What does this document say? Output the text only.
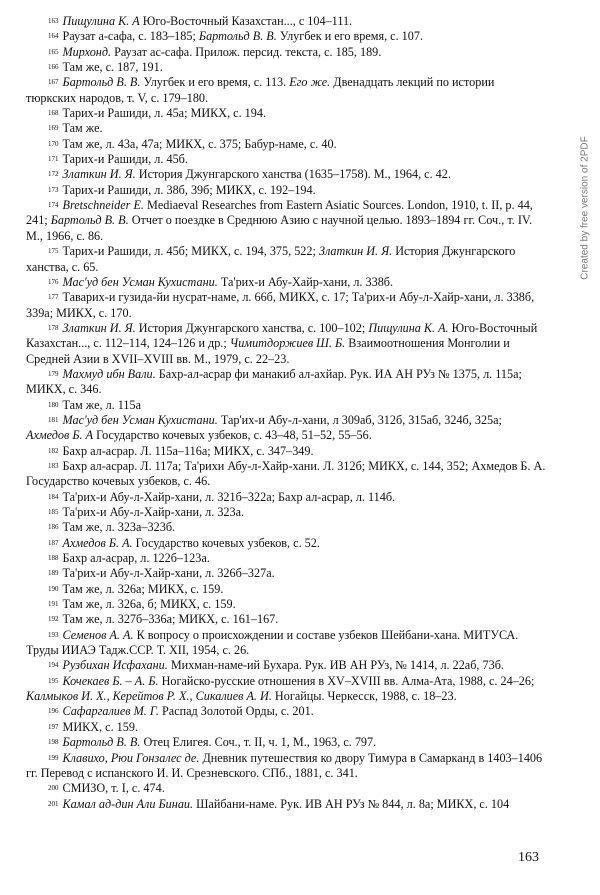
163 Пищулина К. А Юго-Восточный Казахстан..., с 104–111.

164 Раузат а-сафа, с. 183–185; Бартольд В. В. Улугбек и его время, с. 107.

165 Мирхонд. Раузат ас-сафа. Прилож. персид. текста, с. 185, 189.

166 Там же, с. 187, 191.

167 Бартольд В. В. Улугбек и его время, с. 113. Его же. Двенадцать лекций по истории тюркских народов, т. V, с. 179–180.

168 Тарих-и Рашиди, л. 45а; МИКХ, с. 194.

169 Там же.

170 Там же, л. 43а, 47а; МИКХ, с. 375; Бабур-наме, с. 40.

171 Тарих-и Рашиди, л. 45б.

172 Златкин И. Я. История Джунгарского ханства (1635–1758). М., 1964, с. 42.

173 Тарих-и Рашиди, л. 38б, 39б; МИКХ, с. 192–194.

174 Bretschneider E. Mediaeval Researches from Eastern Asiatic Sources. London, 1910, t. II, p. 44, 241; Бартольд В. В. Отчет о поездке в Среднюю Азию с научной целью. 1893–1894 гг. Соч., т. IV. М., 1966, с. 86.

175 Тарих-и Рашиди, л. 45б; МИКХ, с. 194, 375, 522; Златкин И. Я. История Джунгарского ханства, с. 65.

176 Мас'уд бен Усман Кухистани. Та'рих-и Абу-Хайр-хани, л. 338б.

177 Таварих-и гузида-йи нусрат-наме, л. 66б, МИКХ, с. 17; Та'рих-и Абу-л-Хайр-хани, л. 338б, 339а; МИКХ, с. 170.

178 Златкин И. Я. История Джунгарского ханства, с. 100–102; Пищулина К. А. Юго-Восточный Казахстан..., с. 112–114, 124–126 и др.; Чимитдоржиев Ш. Б. Взаимоотношения Монголии и Средней Азии в XVII–XVIII вв. М., 1979, с. 22–23.

179 Махмуд ибн Вали. Бахр-ал-асрар фи манакиб ал-ахйар. Рук. ИА АН РУз № 1375, л. 115а; МИКХ, с. 346.

180 Там же, л. 115а

181 Мас'уд бен Усман Кухистани. Тар'их-и Абу-л-хани, л 309аб, 312б, 315аб, 324б, 325а; Ахмедов Б. А Государство кочевых узбеков, с. 43–48, 51–52, 55–56.

182 Бахр ал-асрар. Л. 115а–116а; МИКХ, с. 347–349.

183 Бахр ал-асрар. Л. 117а; Та'рихи Абу-л-Хайр-хани. Л. 312б; МИКХ, с. 144, 352; Ахмедов Б. А. Государство кочевых узбеков, с. 46.

184 Та'рих-и Абу-л-Хайр-хани, л. 321б–322а; Бахр ал-асрар, л. 114б.

185 Та'рих-и Абу-л-Хайр-хани, л. 323а.

186 Там же, л. 323а–323б.

187 Ахмедов Б. А. Государство кочевых узбеков, с. 52.

188 Бахр ал-асрар, л. 122б–123а.

189 Та'рих-и Абу-л-Хайр-хани, л. 326б–327а.

190 Там же, л. 326а; МИКХ, с. 159.

191 Там же, л. 326а, б; МИКХ, с. 159.

192 Там же, л. 327б–336а; МИКХ, с. 161–167.

193 Семенов А. А. К вопросу о происхождении и составе узбеков Шейбани-хана. МИТУСА. Труды ИИАЭ Тадж.ССР. Т. XII, 1954, с. 26.

194 Рузбихан Исфахани. Михман-наме-ий Бухара. Рук. ИВ АН РУз, № 1414, л. 22аб, 73б.

195 Кочекаев Б. – А. Б. Ногайско-русские отношения в XV–XVIII вв. Алма-Ата, 1988, с. 24–26; Калмыков И. Х., Керейтов Р. Х., Сикалиев А. И. Ногайцы. Черкесск, 1988, с. 18–23.

196 Сафаргалиев М. Г. Распад Золотой Орды, с. 201.

197 МИКХ, с. 159.

198 Бартольд В. В. Отец Елигея. Соч., т. II, ч. 1, М., 1963, с. 797.

199 Клавихо, Рюи Гонзалес де. Дневник путешествия ко двору Тимура в Самарканд в 1403–1406 гг. Перевод с испанского И. И. Срезневского. СПб., 1881, с. 341.

200 СМИЗО, т. I, с. 474.

201 Камал ад-дин Али Бинаи. Шайбани-наме. Рук. ИВ АН РУз № 844, л. 8а; МИКХ, с. 104

163
Created by free version of 2PDF
